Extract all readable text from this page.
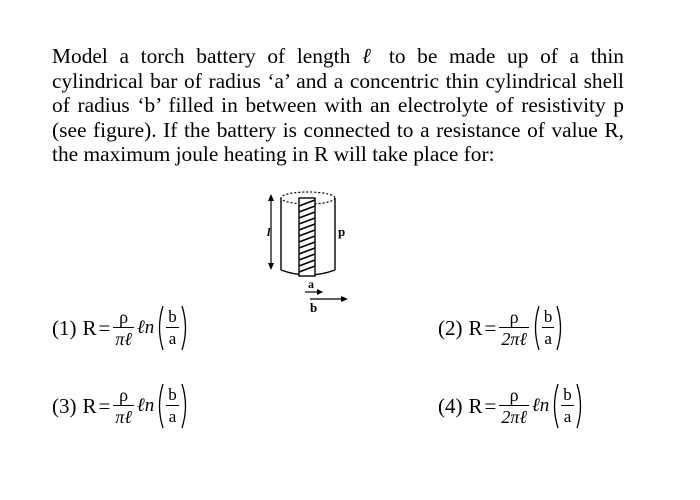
Model a torch battery of length ℓ to be made up of a thin
cylindrical bar of radius ‘a’ and a concentric thin cylindrical shell
of radius ‘b’ filled in between with an electrolyte of resistivity p
(see figure). If the battery is connected to a resistance of value R,
the maximum joule heating in R will take place for:
l	p
a
b
(1) $R = \frac{\rho}{\text{πℓ}}$ ℓn $\frac{b}{a}$	(2) $R = \frac{\rho}{\text{2πℓ}} \frac{b}{a}$
(3) $R = \frac{\rho}{\text{πℓ}}$ ℓn $\frac{b}{a}$	(4) $R = \frac{\rho}{\text{2πℓ}}$ ℓn $\frac{b}{a}$
